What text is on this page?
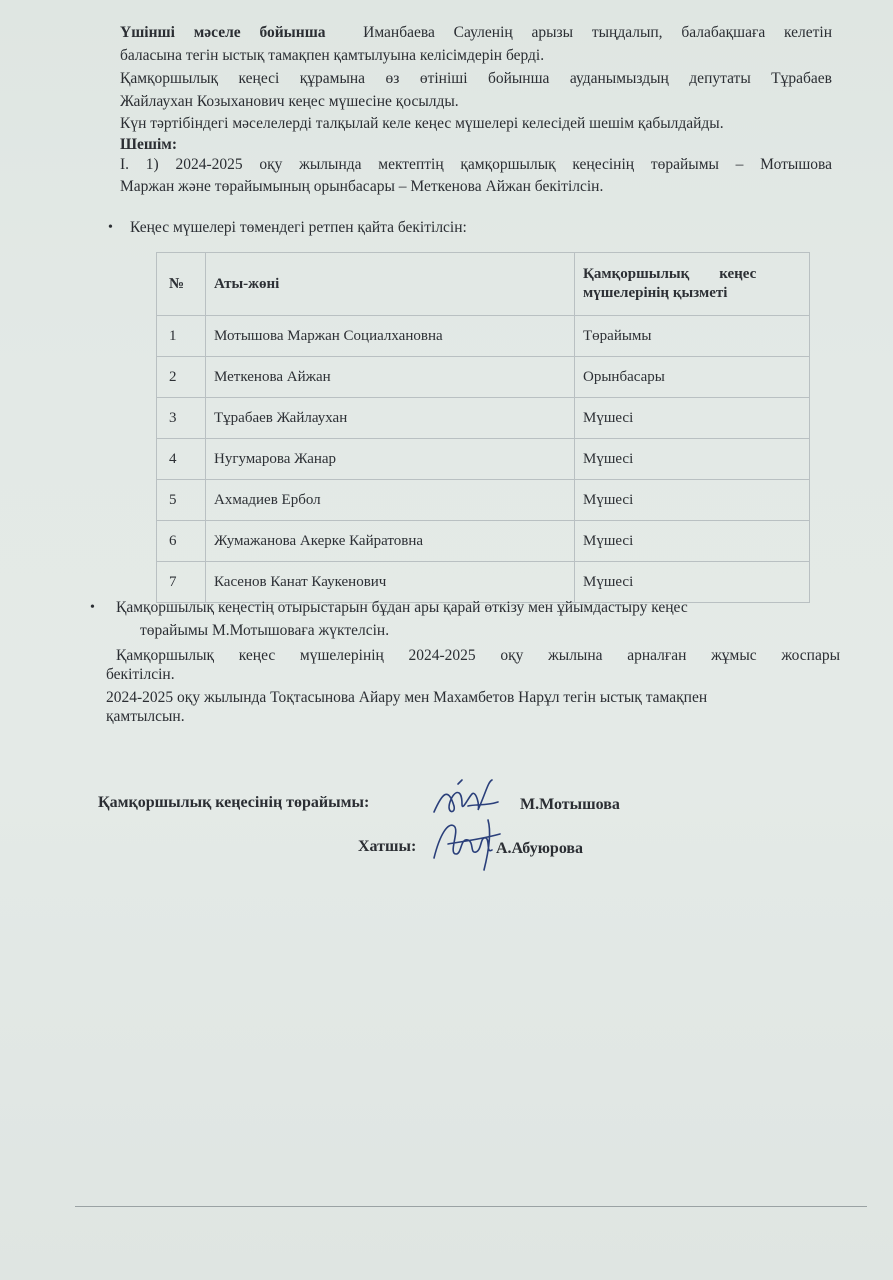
Үшінші мәселе бойынша Иманбаева Сауленің арызы тыңдалып, балабақшаға келетін
баласына тегін ыстық тамақпен қамтылуына келісімдерін берді.
Қамқоршылық кеңесі құрамына өз өтініші бойынша ауданымыздың депутаты Тұрабаев
Жайлаухан Козыханович кеңес мүшесіне қосылды.
Күн тәртібіндегі мәселелерді талқылай келе кеңес мүшелері келесідей шешім қабылдайды.
Шешім:
І. 1) 2024-2025 оқу жылында мектептің қамқоршылық кеңесінің төрайымы – Мотышова
Маржан және төрайымының орынбасары – Меткенова Айжан бекітілсін.
• Кеңес мүшелері төмендегі ретпен қайта бекітілсін:
№	Аты-жөні	Қамқоршылық        кеңес
мүшелерінің қызметі

1	Мотышова Маржан Социалхановна	Төрайымы
2	Меткенова Айжан	Орынбасары
3	Тұрабаев Жайлаухан	Мүшесі
4	Нугумарова Жанар	Мүшесі
5	Ахмадиев Ербол	Мүшесі
6	Жумажанова Акерке Кайратовна	Мүшесі
7	Касенов Канат Каукенович	Мүшесі
• Қамқоршылық кеңестің отырыстарын бұдан ары қарай өткізу мен ұйымдастыру кеңес
төрайымы М.Мотышоваға жүктелсін.
Қамқоршылық кеңес мүшелерінің 2024-2025 оқу жылына арналған жұмыс жоспары
бекітілсін.
2024-2025 оқу жылында Тоқтасынова Айару мен Махамбетов Нарұл тегін ыстық тамақпен
қамтылсын.
Қамқоршылық кеңесінің төрайымы:	М.Мотышова
Хатшы:	А.Абуюрова
